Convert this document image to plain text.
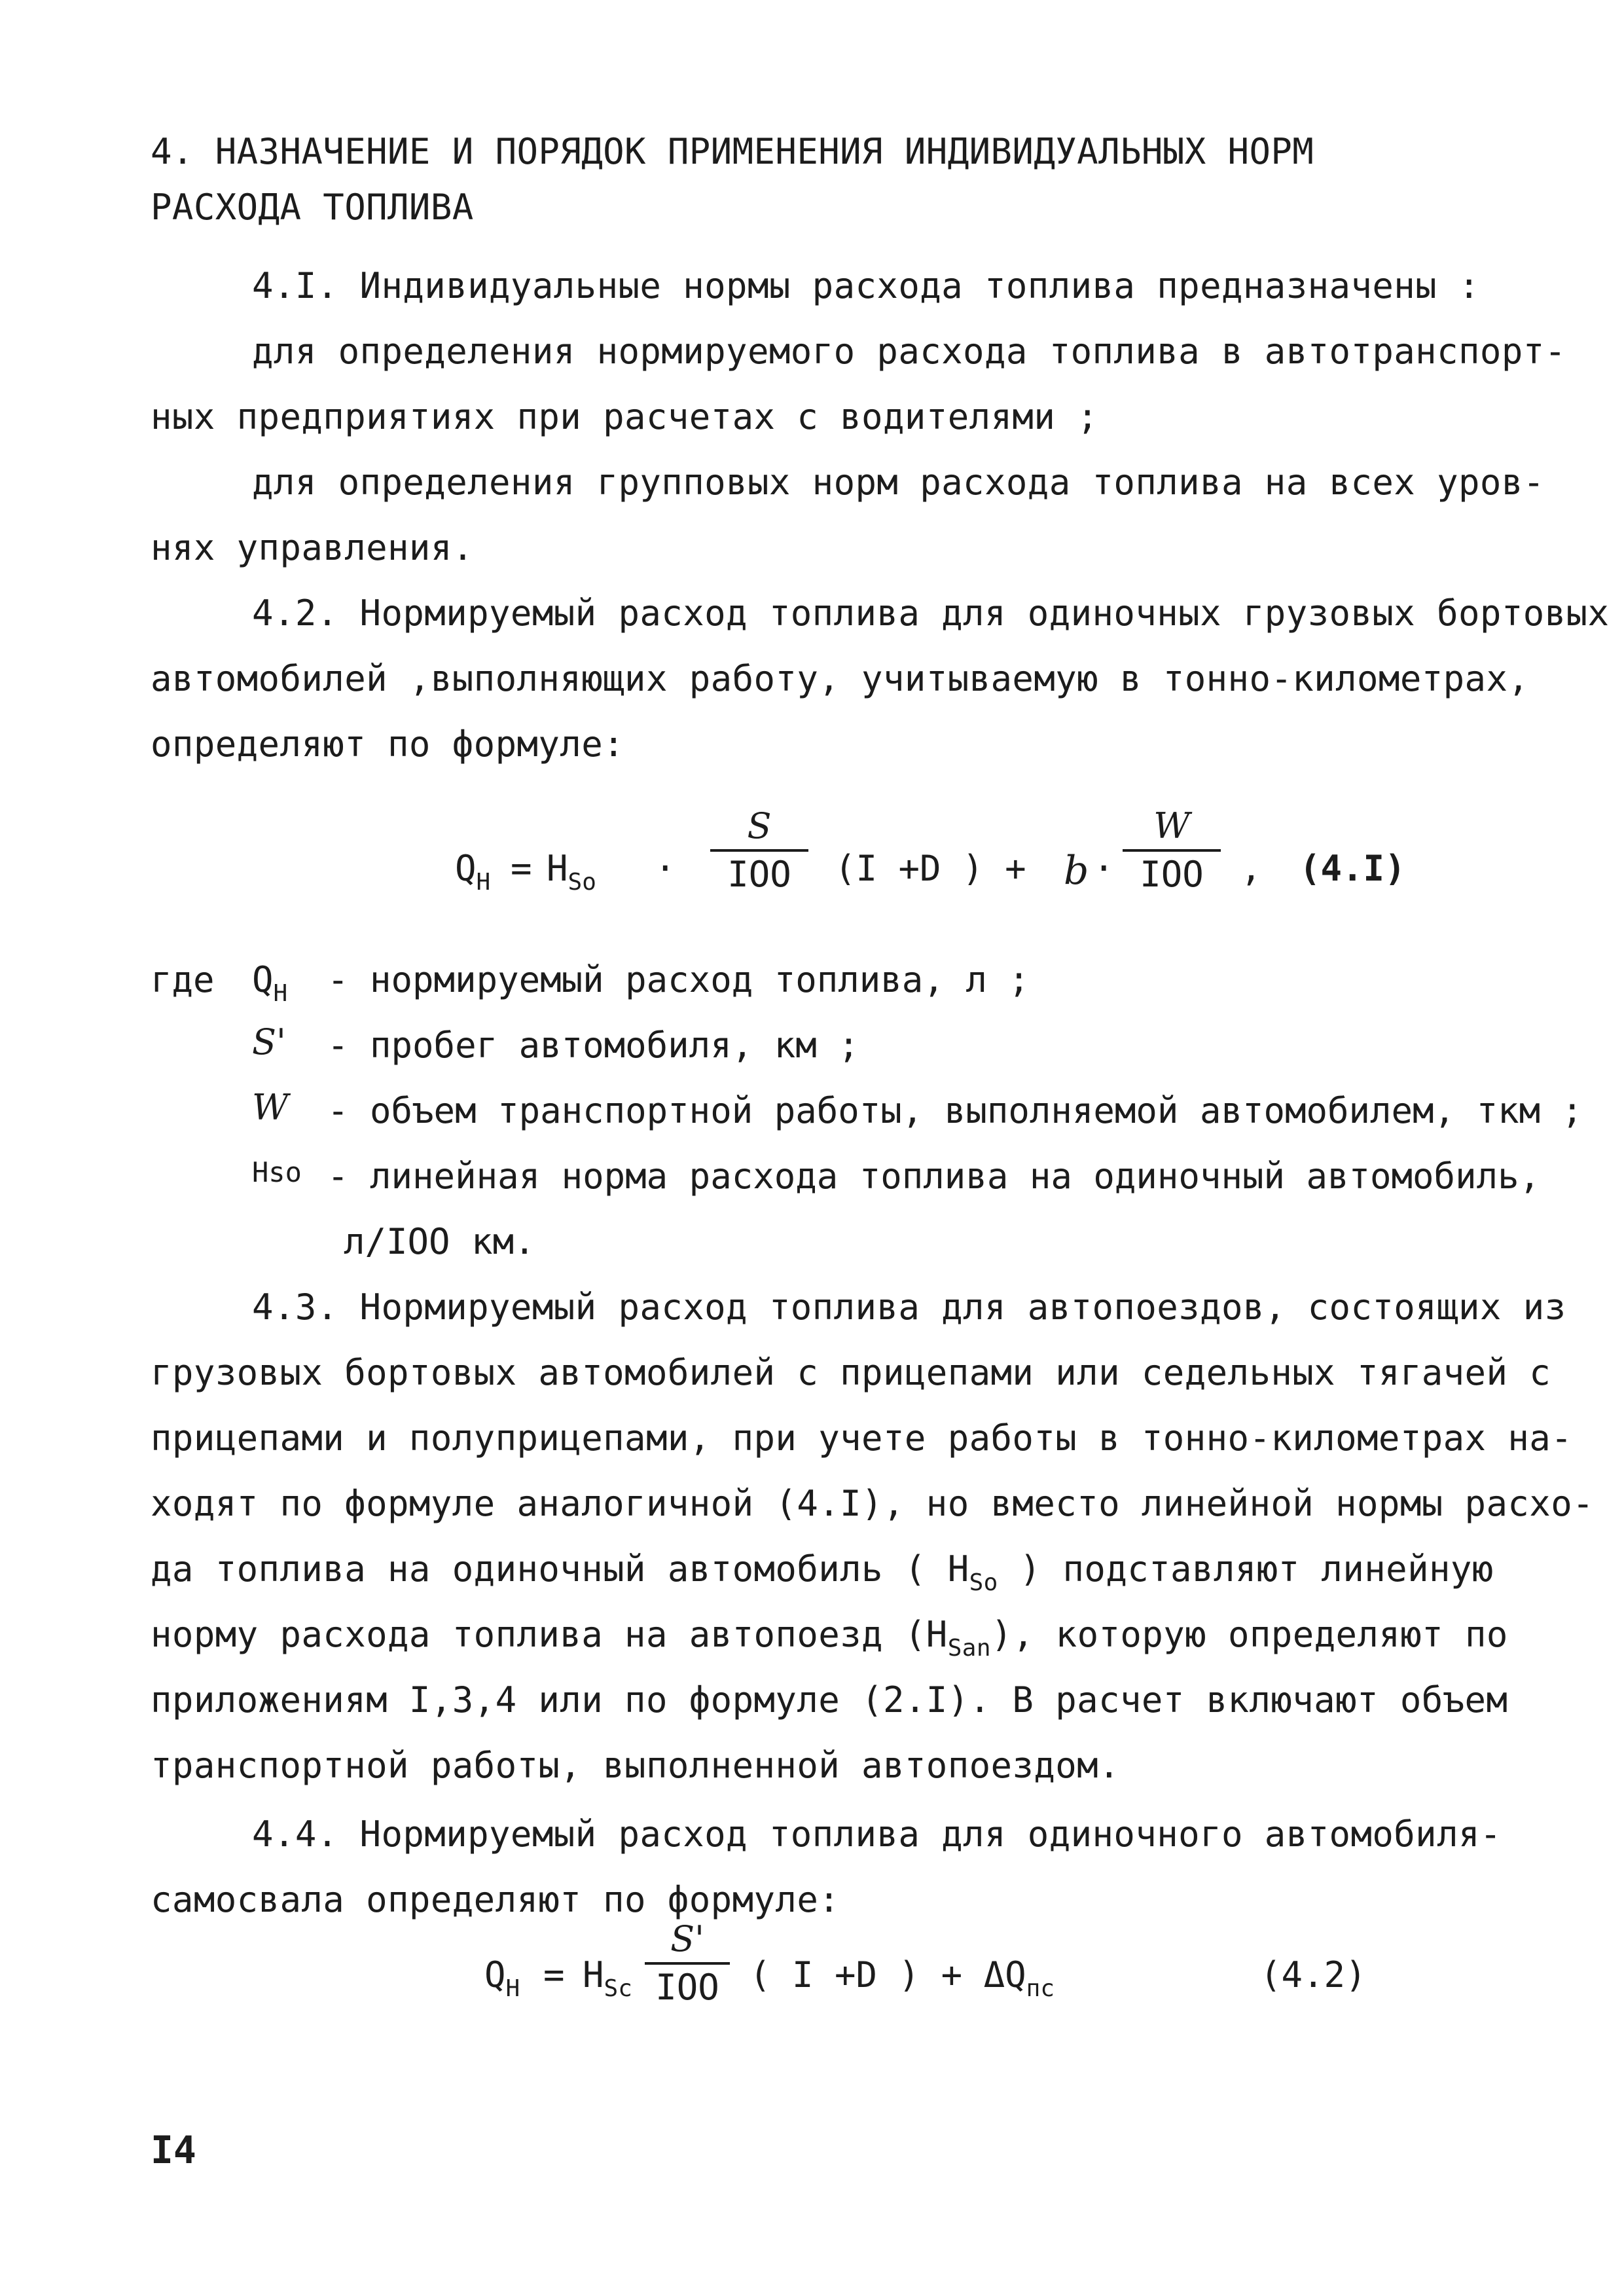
4. НАЗНАЧЕНИЕ И ПОРЯДОК ПРИМЕНЕНИЯ ИНДИВИДУАЛЬНЫХ НОРМ
РАСХОДА ТОПЛИВА
4.I. Индивидуальные нормы расхода топлива предназначены :
для определения нормируемого расхода топлива в автотранспорт-
ных предприятиях при расчетах с водителями ;
для определения групповых норм расхода топлива на всех уров-
нях управления.
4.2. Нормируемый расход топлива для одиночных грузовых бортовых
автомобилей ,выполняющих работу, учитываемую в тонно-километрах,
определяют по формуле:
$Q_Н = H_{So}$ ·
S
IOO	(I +D ) + b ·
W
IOO	, (4.I)
где $Q_Н$ - нормируемый расход топлива, л ;
S' - пробег автомобиля, км ;
W - объем транспортной работы, выполняемой автомобилем, ткм ;
Hso - линейная норма расхода топлива на одиночный автомобиль,
л/IOO км.
4.3. Нормируемый расход топлива для автопоездов, состоящих из
грузовых бортовых автомобилей с прицепами или седельных тягачей с
прицепами и полуприцепами, при учете работы в тонно-километрах на-
ходят по формуле аналогичной (4.I), но вместо линейной нормы расхо-
да топлива на одиночный автомобиль ( $H_{So}$ ) подставляют линейную
норму расхода топлива на автопоезд $(H_{San})$, которую определяют по
приложениям I,3,4 или по формуле (2.I). В расчет включают объем
транспортной работы, выполненной автопоездом.
4.4. Нормируемый расход топлива для одиночного автомобиля-
самосвала определяют по формуле:
$Q_Н = H_{Sc}$
S'
IOO ( I +D ) + $\Delta Q_{пс}$	(4.2)
I4
